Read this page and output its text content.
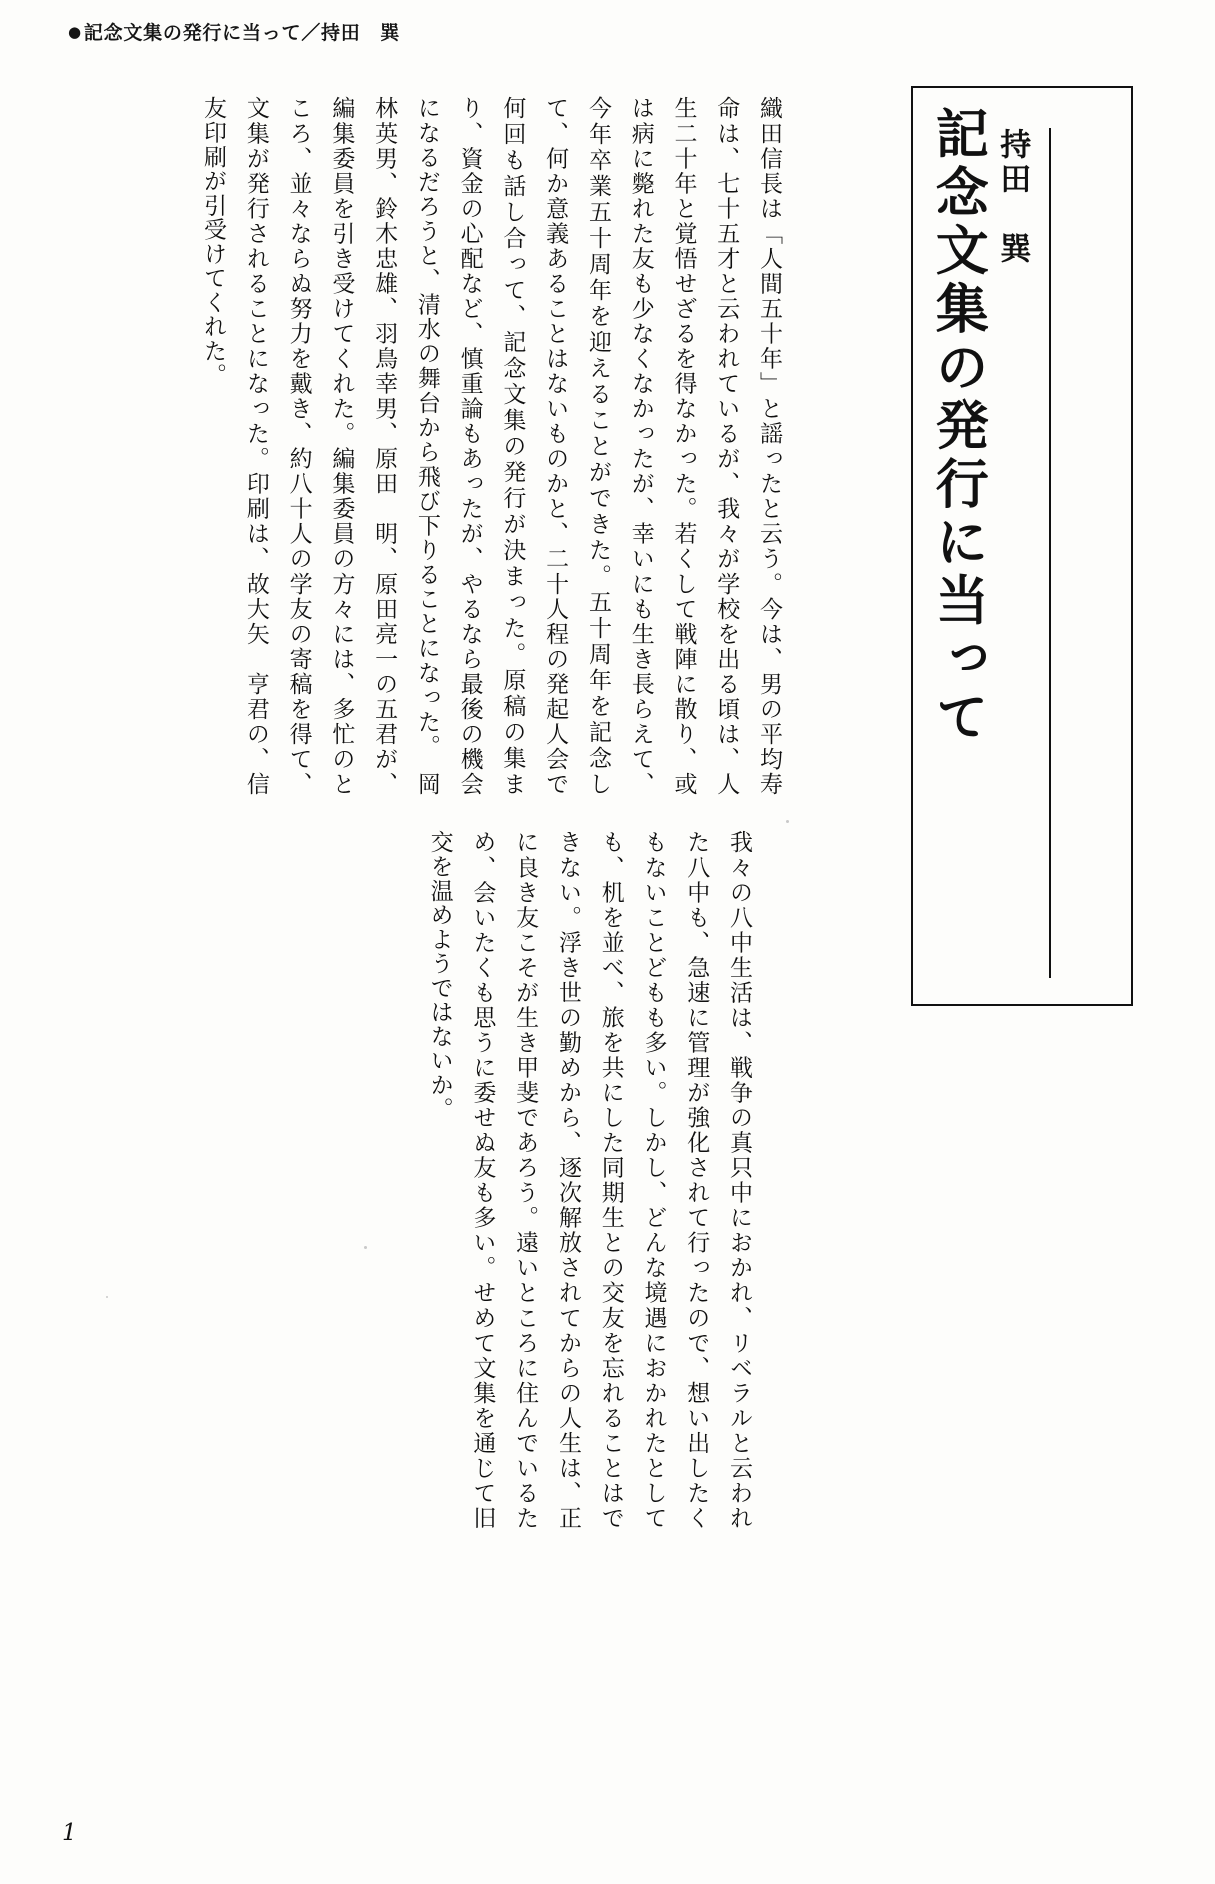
● 記念文集の発行に当って／持田　巽
記念文集の発行に当って 持田　巽

織田信長は「人間五十年」と謡ったと云う。今は、男の平均寿命は、七十五才と云われているが、我々が学校を出る頃は、人生二十年と覚悟せざるを得なかった。若くして戦陣に散り、或は病に斃れた友も少なくなかったが、幸いにも生き長らえて、今年卒業五十周年を迎えることができた。五十周年を記念して、何か意義あることはないものかと、二十人程の発起人会で何回も話し合って、記念文集の発行が決まった。原稿の集まり、資金の心配など、慎重論もあったが、やるなら最後の機会になるだろうと、清水の舞台から飛び下りることになった。　岡林英男、鈴木忠雄、羽鳥幸男、原田　明、原田亮一の五君が、編集委員を引き受けてくれた。編集委員の方々には、多忙のところ、並々ならぬ努力を戴き、約八十人の学友の寄稿を得て、文集が発行されることになった。印刷は、故大矢　亨君の、信友印刷が引受けてくれた。

我々の八中生活は、戦争の真只中におかれ、リベラルと云われた八中も、急速に管理が強化されて行ったので、想い出したくもないことどもも多い。しかし、どんな境遇におかれたとしても、机を並べ、旅を共にした同期生との交友を忘れることはできない。浮き世の勤めから、逐次解放されてからの人生は、正に良き友こそが生き甲斐であろう。遠いところに住んでいるため、会いたくも思うに委せぬ友も多い。せめて文集を通じて旧交を温めようではないか。

1
